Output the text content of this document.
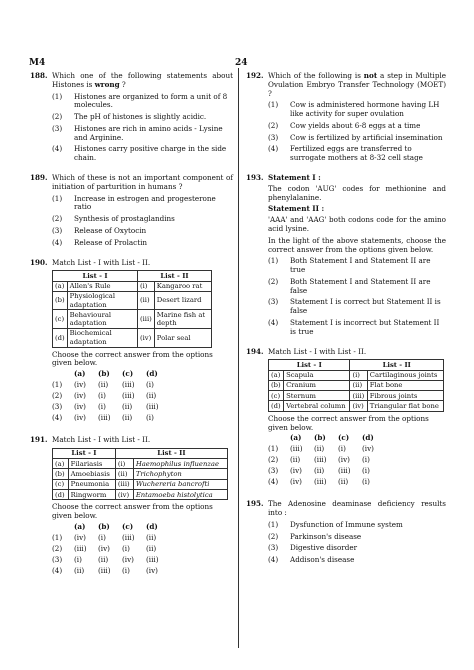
M4	24
188. Which one of the following statements about Histones is wrong ?
(1) Histones are organized to form a unit of 8 molecules.
(2) The pH of histones is slightly acidic.
(3) Histones are rich in amino acids - Lysine and Arginine.
(4) Histones carry positive charge in the side chain.
189. Which of these is not an important component of initiation of parturition in humans ?
(1) Increase in estrogen and progesterone ratio
(2) Synthesis of prostaglandins
(3) Release of Oxytocin
(4) Release of Prolactin
190. Match List - I with List - II.
List - I		List - II	
(a)	Allen's Rule	(i)	Kangaroo rat
(b)	Physiological adaptation	(ii)	Desert lizard
(c)	Behavioural adaptation	(iii)	Marine fish at depth
(d)	Biochemical adaptation	(iv)	Polar seal
Choose the correct answer from the options given below.
(a)	(b)	(c)	(d)
(1)	(iv)	(ii)	(iii)	(i)
(2)	(iv)	(i)	(iii)	(ii)
(3)	(iv)	(i)	(ii)	(iii)
(4)	(iv)	(iii)	(ii)	(i)
191. Match List - I with List - II.
List - I		List - II	
(a)	Filariasis	(i)	Haemophilus influenzae
(b)	Amoebiasis	(ii)	Trichophyton
(c)	Pneumonia	(iii)	Wuchereria bancrofti
(d)	Ringworm	(iv)	Entamoeba histolytica
Choose the correct answer from the options given below.
(a)	(b)	(c)	(d)
(1)	(iv)	(i)	(iii)	(ii)
(2)	(iii)	(iv)	(i)	(ii)
(3)	(i)	(ii)	(iv)	(iii)
(4)	(ii)	(iii)	(i)	(iv)
192. Which of the following is not a step in Multiple Ovulation Embryo Transfer Technology (MOET) ?
(1) Cow is administered hormone having LH like activity for super ovulation
(2) Cow yields about 6-8 eggs at a time
(3) Cow is fertilized by artificial insemination
(4) Fertilized eggs are transferred to surrogate mothers at 8-32 cell stage
193. Statement I :
The codon 'AUG' codes for methionine and phenylalanine.
Statement II :
'AAA' and 'AAG' both codons code for the amino acid lysine.
In the light of the above statements, choose the correct answer from the options given below.
(1) Both Statement I and Statement II are true
(2) Both Statement I and Statement II are false
(3) Statement I is correct but Statement II is false
(4) Statement I is incorrect but Statement II is true
194. Match List - I with List - II.
List - I		List - II	
(a)	Scapula	(i)	Cartilaginous joints
(b)	Cranium	(ii)	Flat bone
(c)	Sternum	(iii)	Fibrous joints
(d)	Vertebral column	(iv)	Triangular flat bone
Choose the correct answer from the options given below.
(a)	(b)	(c)	(d)
(1)	(iii)	(ii)	(i)	(iv)
(2)	(ii)	(iii)	(iv)	(i)
(3)	(iv)	(ii)	(iii)	(i)
(4)	(iv)	(iii)	(ii)	(i)
195. The Adenosine deaminase deficiency results into :
(1) Dysfunction of Immune system
(2) Parkinson's disease
(3) Digestive disorder
(4) Addison's disease
